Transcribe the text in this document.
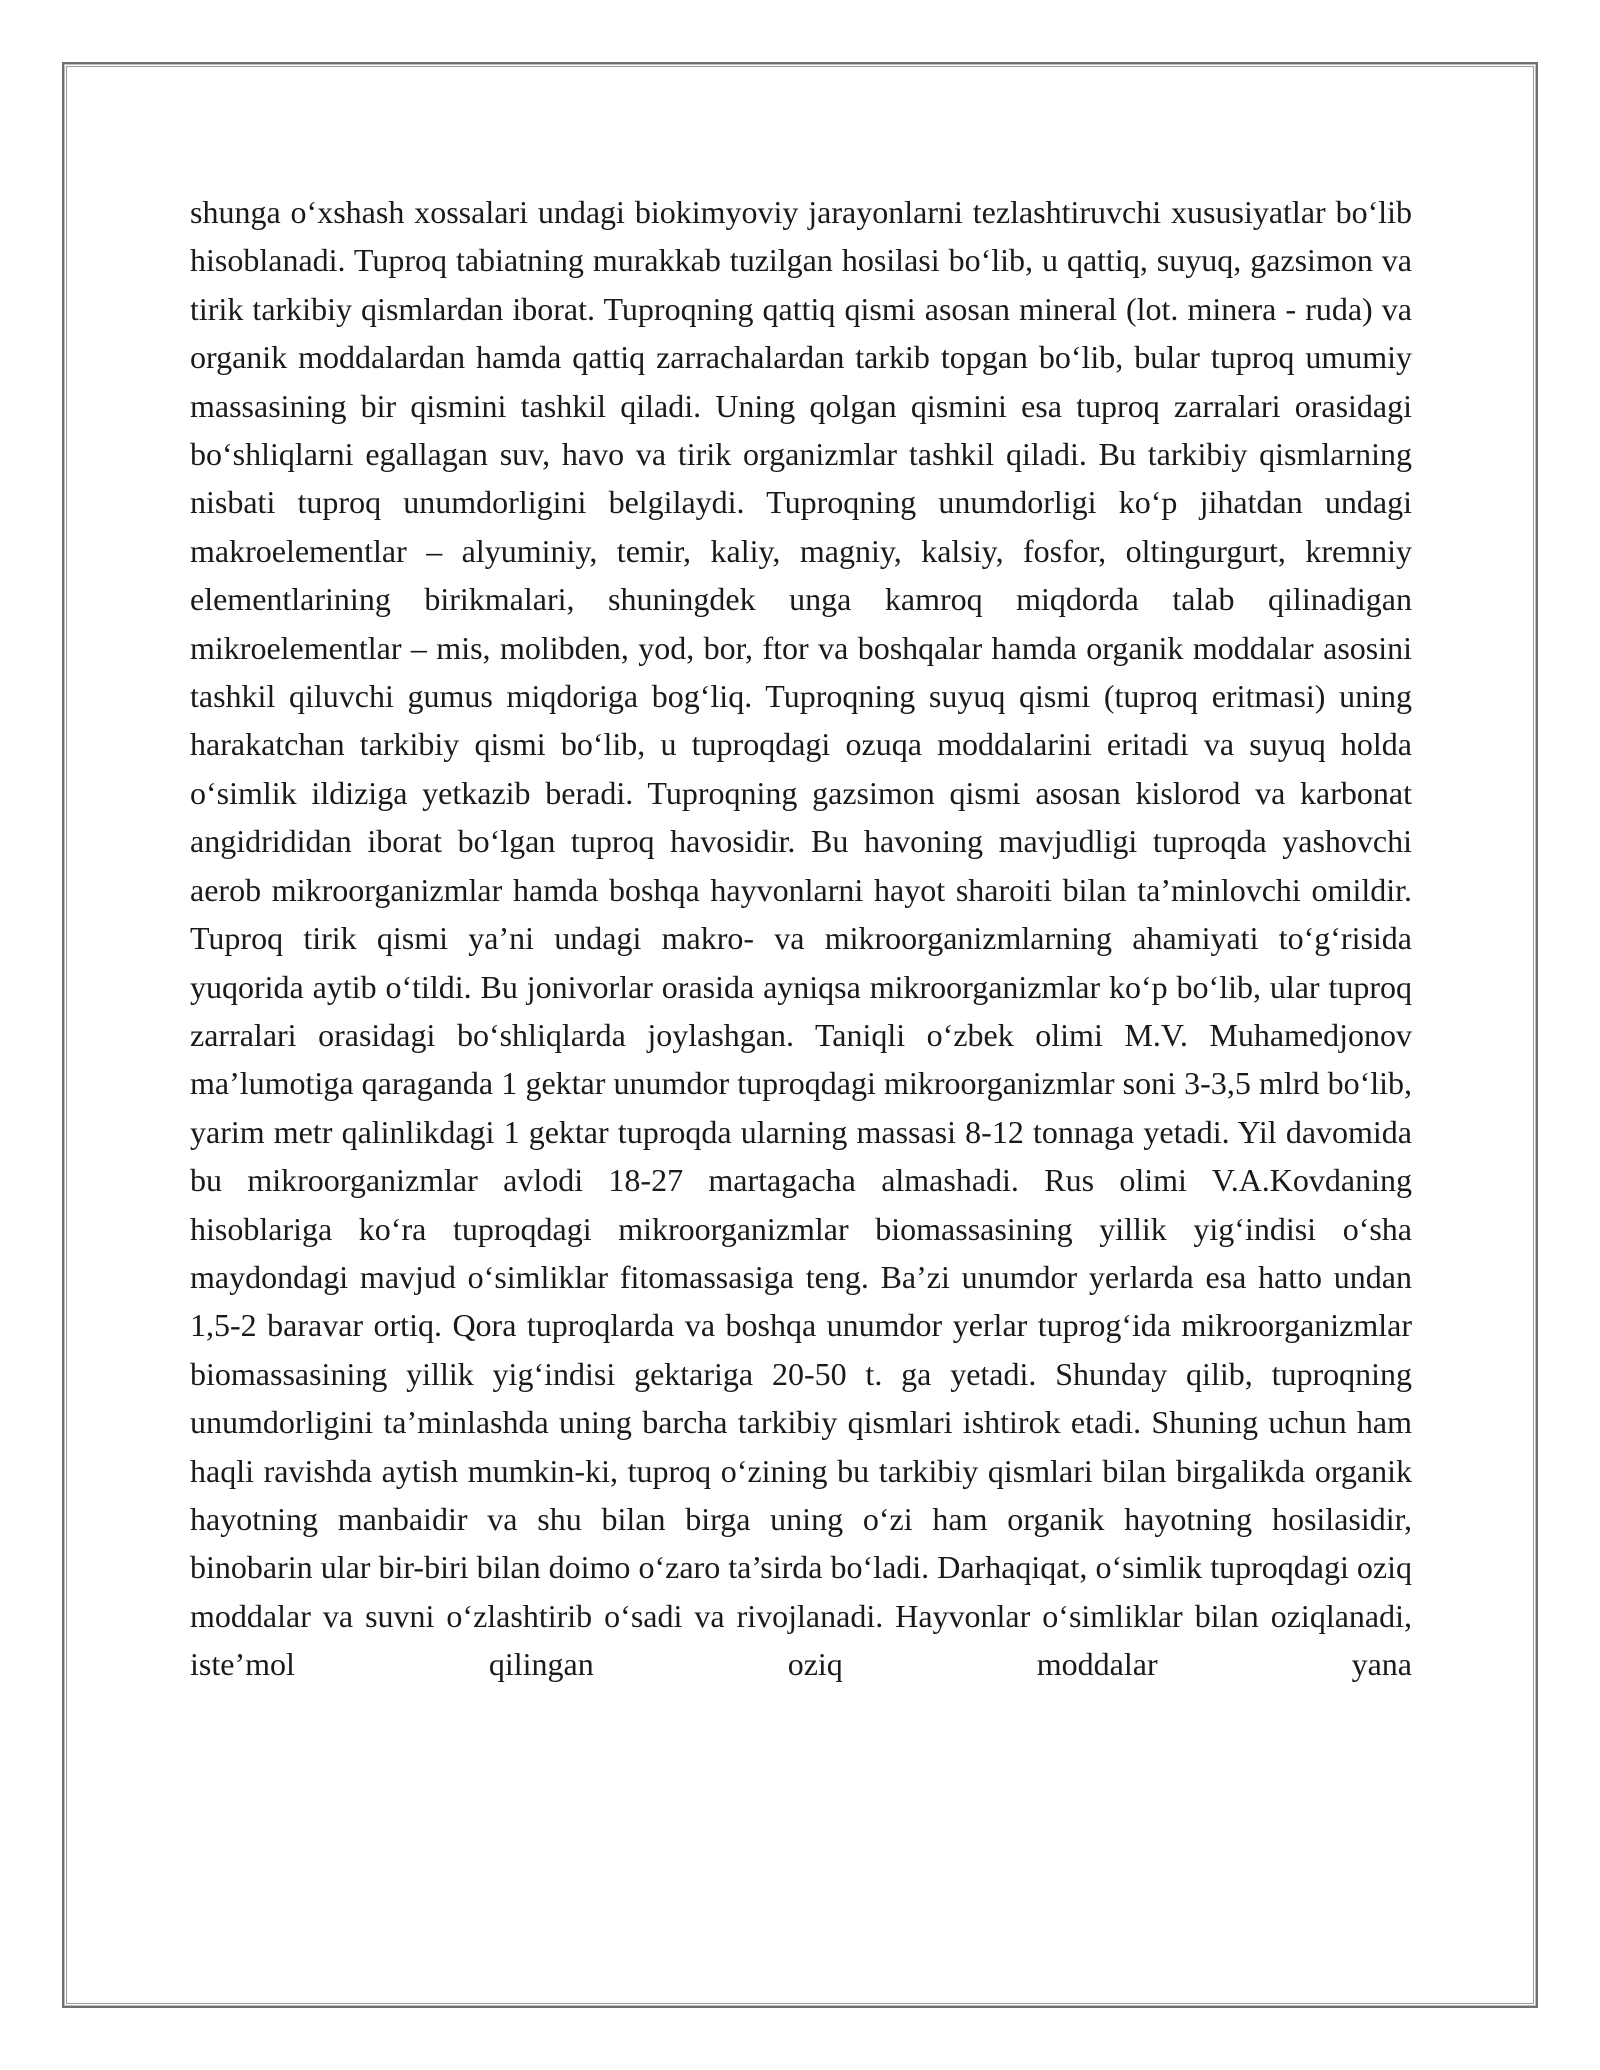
shunga o‘xshash xossalari undagi biokimyoviy jarayonlarni tezlashtiruvchi xususiyatlar bo‘lib hisoblanadi. Tuproq tabiatning murakkab tuzilgan hosilasi bo‘lib, u qattiq, suyuq, gazsimon va tirik tarkibiy qismlardan iborat. Tuproqning qattiq qismi asosan mineral (lot. minera - ruda) va organik moddalardan hamda qattiq zarrachalardan tarkib topgan bo‘lib, bular tuproq umumiy massasining bir qismini tashkil qiladi. Uning qolgan qismini esa tuproq zarralari orasidagi bo‘shliqlarni egallagan suv, havo va tirik organizmlar tashkil qiladi. Bu tarkibiy qismlarning nisbati tuproq unumdorligini belgilaydi. Tuproqning unumdorligi ko‘p jihatdan undagi makroelementlar – alyuminiy, temir, kaliy, magniy, kalsiy, fosfor, oltingurgurt, kremniy elementlarining birikmalari, shuningdek unga kamroq miqdorda talab qilinadigan mikroelementlar – mis, molibden, yod, bor, ftor va boshqalar hamda organik moddalar asosini tashkil qiluvchi gumus miqdoriga bog‘liq. Tuproqning suyuq qismi (tuproq eritmasi) uning harakatchan tarkibiy qismi bo‘lib, u tuproqdagi ozuqa moddalarini eritadi va suyuq holda o‘simlik ildiziga yetkazib beradi. Tuproqning gazsimon qismi asosan kislorod va karbonat angidrididan iborat bo‘lgan tuproq havosidir. Bu havoning mavjudligi tuproqda yashovchi aerob mikroorganizmlar hamda boshqa hayvonlarni hayot sharoiti bilan ta’minlovchi omildir. Tuproq tirik qismi ya’ni undagi makro- va mikroorganizmlarning ahamiyati to‘g‘risida yuqorida aytib o‘tildi. Bu jonivorlar orasida ayniqsa mikroorganizmlar ko‘p bo‘lib, ular tuproq zarralari orasidagi bo‘shliqlarda joylashgan. Taniqli o‘zbek olimi M.V. Muhamedjonov ma’lumotiga qaraganda 1 gektar unumdor tuproqdagi mikroorganizmlar soni 3-3,5 mlrd bo‘lib, yarim metr qalinlikdagi 1 gektar tuproqda ularning massasi 8-12 tonnaga yetadi. Yil davomida bu mikroorganizmlar avlodi 18-27 martagacha almashadi. Rus olimi V.A.Kovdaning hisoblariga ko‘ra tuproqdagi mikroorganizmlar biomassasining yillik yig‘indisi o‘sha maydondagi mavjud o‘simliklar fitomassasiga teng. Ba’zi unumdor yerlarda esa hatto undan 1,5-2 baravar ortiq. Qora tuproqlarda va boshqa unumdor yerlar tuprog‘ida mikroorganizmlar biomassasining yillik yig‘indisi gektariga 20-50 t. ga yetadi. Shunday qilib, tuproqning unumdorligini ta’minlashda uning barcha tarkibiy qismlari ishtirok etadi. Shuning uchun ham haqli ravishda aytish mumkin-ki, tuproq o‘zining bu tarkibiy qismlari bilan birgalikda organik hayotning manbaidir va shu bilan birga uning o‘zi ham organik hayotning hosilasidir, binobarin ular bir-biri bilan doimo o‘zaro ta’sirda bo‘ladi. Darhaqiqat, o‘simlik tuproqdagi oziq moddalar va suvni o‘zlashtirib o‘sadi va rivojlanadi. Hayvonlar o‘simliklar bilan oziqlanadi, iste’mol qilingan oziq moddalar yana
